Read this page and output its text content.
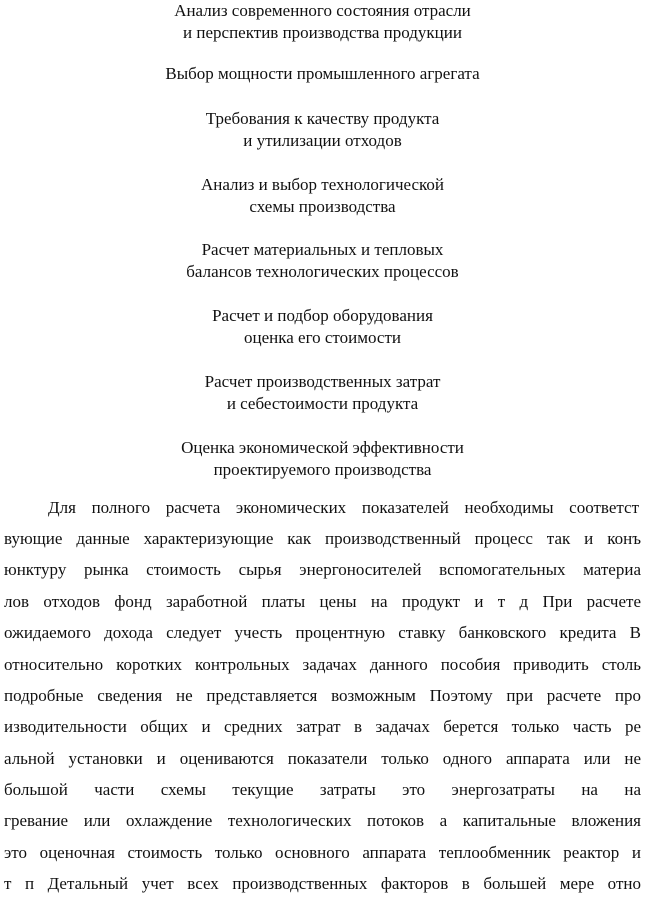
Анализ современного состояния отрасли
и перспектив производства продукции
Выбор мощности промышленного агрегата
Требования к качеству продукта
и утилизации отходов
Анализ и выбор технологической
схемы производства
Расчет материальных и тепловых
балансов технологических процессов
Расчет и подбор оборудования
оценка его стоимости
Расчет производственных затрат
и себестоимости продукта
Оценка экономической эффективности
проектируемого производства
Для полного расчета экономических показателей необходимы соответст
вующие данные характеризующие как производственный процесс так и конъ
юнктуру рынка стоимость сырья энергоносителей вспомогательных материа
лов отходов фонд заработной платы цены на продукт и т д При расчете
ожидаемого дохода следует учесть процентную ставку банковского кредита В
относительно коротких контрольных задачах данного пособия приводить столь
подробные сведения не представляется возможным Поэтому при расчете про
изводительности общих и средних затрат в задачах берется только часть ре
альной установки и оцениваются показатели только одного аппарата или не
большой части схемы текущие затраты это энергозатраты на на
гревание или охлаждение технологических потоков а капитальные вложения
это оценочная стоимость только основного аппарата теплообменник реактор и
т п Детальный учет всех производственных факторов в большей мере отно
